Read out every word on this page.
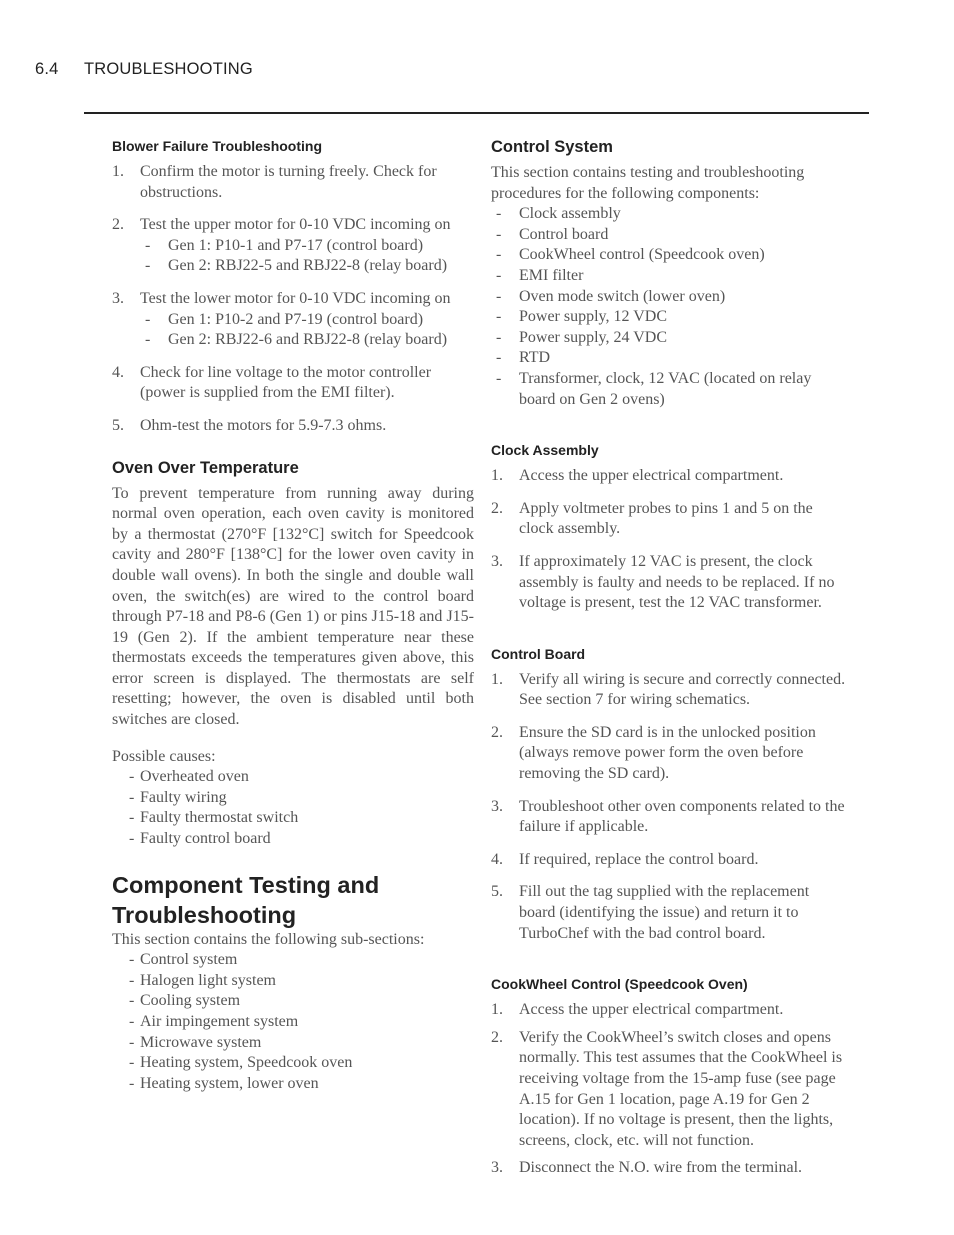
6.4 TROUBLESHOOTING
Blower Failure Troubleshooting
1. Confirm the motor is turning freely. Check for obstructions.
2. Test the upper motor for 0-10 VDC incoming on
- Gen 1: P10-1 and P7-17 (control board)
- Gen 2: RBJ22-5 and RBJ22-8 (relay board)
3. Test the lower motor for 0-10 VDC incoming on
- Gen 1: P10-2 and P7-19 (control board)
- Gen 2: RBJ22-6 and RBJ22-8 (relay board)
4. Check for line voltage to the motor controller (power is supplied from the EMI filter).
5. Ohm-test the motors for 5.9-7.3 ohms.
Oven Over Temperature

To prevent temperature from running away during normal oven operation, each oven cavity is monitored by a thermostat (270°F [132°C] switch for Speedcook cavity and 280°F [138°C] for the lower oven cavity in double wall ovens). In both the single and double wall oven, the switch(es) are wired to the control board through P7-18 and P8-6 (Gen 1) or pins J15-18 and J15-19 (Gen 2). If the ambient temperature near these thermostats exceeds the temperatures given above, this error screen is displayed. The thermostats are self resetting; however, the oven is disabled until both switches are closed.

Possible causes:

- Overheated oven
- Faulty wiring
- Faulty thermostat switch
- Faulty control board
Component Testing and
Troubleshooting

This section contains the following sub-sections:

- Control system
- Halogen light system
- Cooling system
- Air impingement system
- Microwave system
- Heating system, Speedcook oven
- Heating system, lower oven
Control System

This section contains testing and troubleshooting procedures for the following components:

- Clock assembly
- Control board
- CookWheel control (Speedcook oven)
- EMI filter
- Oven mode switch (lower oven)
- Power supply, 12 VDC
- Power supply, 24 VDC
- RTD
- Transformer, clock, 12 VAC (located on relay board on Gen 2 ovens)
Clock Assembly
1. Access the upper electrical compartment.
2. Apply voltmeter probes to pins 1 and 5 on the clock assembly.
3. If approximately 12 VAC is present, the clock assembly is faulty and needs to be replaced. If no voltage is present, test the 12 VAC transformer.
Control Board
1. Verify all wiring is secure and correctly connected. See section 7 for wiring schematics.
2. Ensure the SD card is in the unlocked position (always remove power form the oven before removing the SD card).
3. Troubleshoot other oven components related to the failure if applicable.
4. If required, replace the control board.
5. Fill out the tag supplied with the replacement board (identifying the issue) and return it to TurboChef with the bad control board.
CookWheel Control (Speedcook Oven)
1. Access the upper electrical compartment.
2. Verify the CookWheel’s switch closes and opens normally. This test assumes that the CookWheel is receiving voltage from the 15-amp fuse (see page A.15 for Gen 1 location, page A.19 for Gen 2 location). If no voltage is present, then the lights, screens, clock, etc. will not function.
3. Disconnect the N.O. wire from the terminal.
